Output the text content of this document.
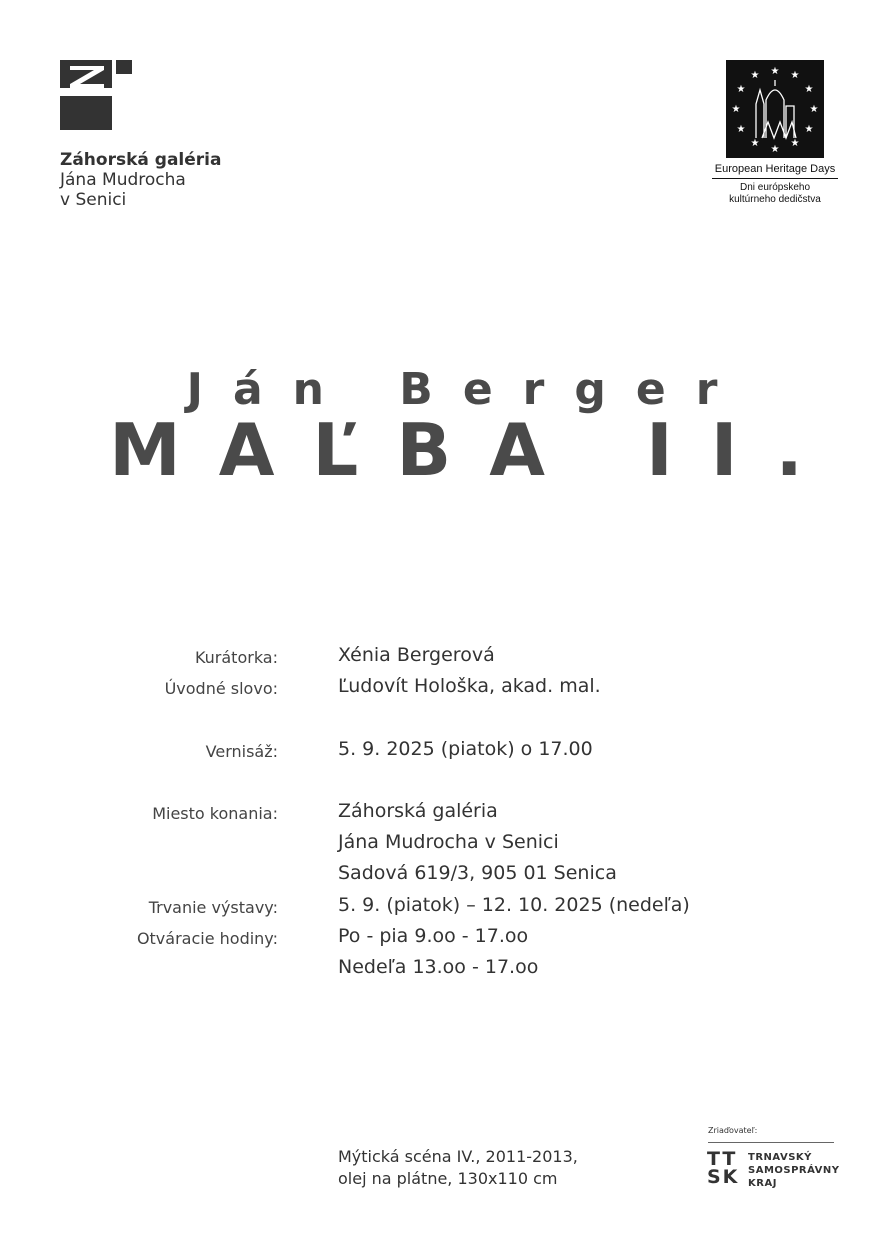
Záhorská galéria
Jána Mudrocha
v Senici
★
★	★
★	★
★	★
★	★
★	★
★
European Heritage Days
Dni európskeho
kultúrneho dedičstva
Ján Berger
MAĽBA II.
Kurátorka:	Xénia Bergerová
Úvodné slovo:	Ľudovít Hološka, akad. mal.
Vernisáž:	5. 9. 2025 (piatok) o 17.00
Miesto konania:	Záhorská galéria
Jána Mudrocha v Senici
Sadová 619/3, 905 01 Senica
Trvanie výstavy:	5. 9. (piatok) – 12. 10. 2025 (nedeľa)
Otváracie hodiny:	Po - pia 9.oo - 17.oo
Nedeľa 13.oo - 17.oo
Mýtická scéna IV., 2011-2013,
olej na plátne, 130x110 cm
Zriaďovateľ:
TT
SK
TRNAVSKÝ
SAMOSPRÁVNY
KRAJ
